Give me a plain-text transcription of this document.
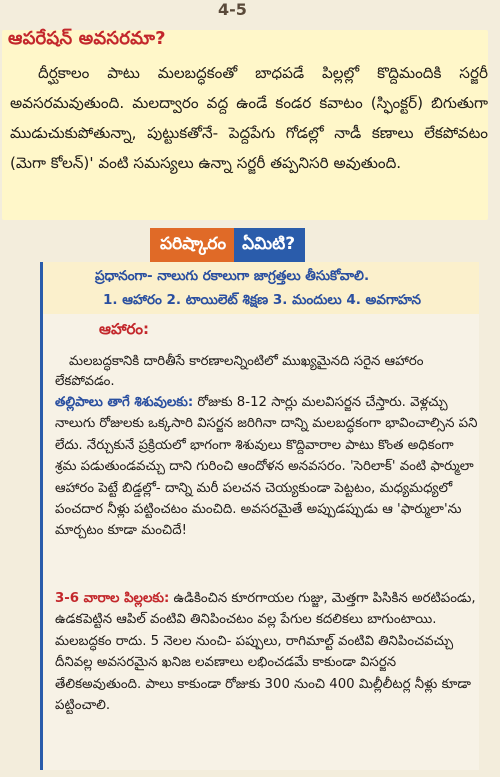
4-5
ఆపరేషన్ అవసరమా?
దీర్ఘకాలం పాటు మలబద్ధకంతో బాధపడే పిల్లల్లో కొద్దిమందికి సర్జరీ అవసరమవుతుంది. మలద్వారం వద్ద ఉండే కండర కవాటం (స్ఫింక్టర్) బిగుతుగా ముడుచుకుపోతున్నా, పుట్టుకతోనే- పెద్దపేగు గోడల్లో నాడీ కణాలు లేకపోవటం (మెగా కోలన్)' వంటి సమస్యలు ఉన్నా సర్జరీ తప్పనిసరి అవుతుంది.
పరిష్కారం ఏమిటి?
ప్రధానంగా- నాలుగు రకాలుగా జాగ్రత్తలు తీసుకోవాలి.
1. ఆహారం 2. టాయిలెట్ శిక్షణ 3. మందులు 4. అవగాహన
ఆహారం:
మలబద్ధకానికి దారితీసే కారణాలన్నింటిలో ముఖ్యమైనది సరైన ఆహారం లేకపోవడం.
తల్లిపాలు తాగే శిశువులకు: రోజుకు 8-12 సార్లు మలవిసర్జన చేస్తారు. వెళ్లచ్చు నాలుగు రోజులకు ఒక్కసారి విసర్జన జరిగినా దాన్ని మలబద్ధకంగా భావించాల్సిన పని లేదు. నేర్చుకునే ప్రక్రియలో భాగంగా శిశువులు కొద్దివారాల పాటు కొంత అధికంగా శ్రమ పడుతుండవచ్చు దాని గురించి ఆందోళన అనవసరం. 'సెరిలాక్' వంటి ఫార్ములా ఆహారం పెట్టే బిడ్డల్లో- దాన్ని మరీ పలచన చెయ్యకుండా పెట్టటం, మధ్యమధ్యలో పంచదార నీళ్లు పట్టించటం మంచిది. అవసరమైతే అప్పుడప్పుడు ఆ 'ఫార్ములా'ను మార్చటం కూడా మంచిదే!
3-6 వారాల పిల్లలకు: ఉడికించిన కూరగాయల గుజ్జు, మెత్తగా పిసికిన అరటిపండు, ఉడకపెట్టిన ఆపిల్ వంటివి తినిపించటం వల్ల పేగుల కదలికలు బాగుంటాయి. మలబద్ధకం రాదు. 5 నెలల నుంచి- పప్పులు, రాగిమాల్ట్ వంటివి తినిపించవచ్చు దీనివల్ల అవసరమైన ఖనిజ లవణాలు లభించడమే కాకుండా విసర్జన తేలికఅవుతుంది. పాలు కాకుండా రోజుకు 300 నుంచి 400 మిల్లీలీటర్ల నీళ్లు కూడా పట్టించాలి.
